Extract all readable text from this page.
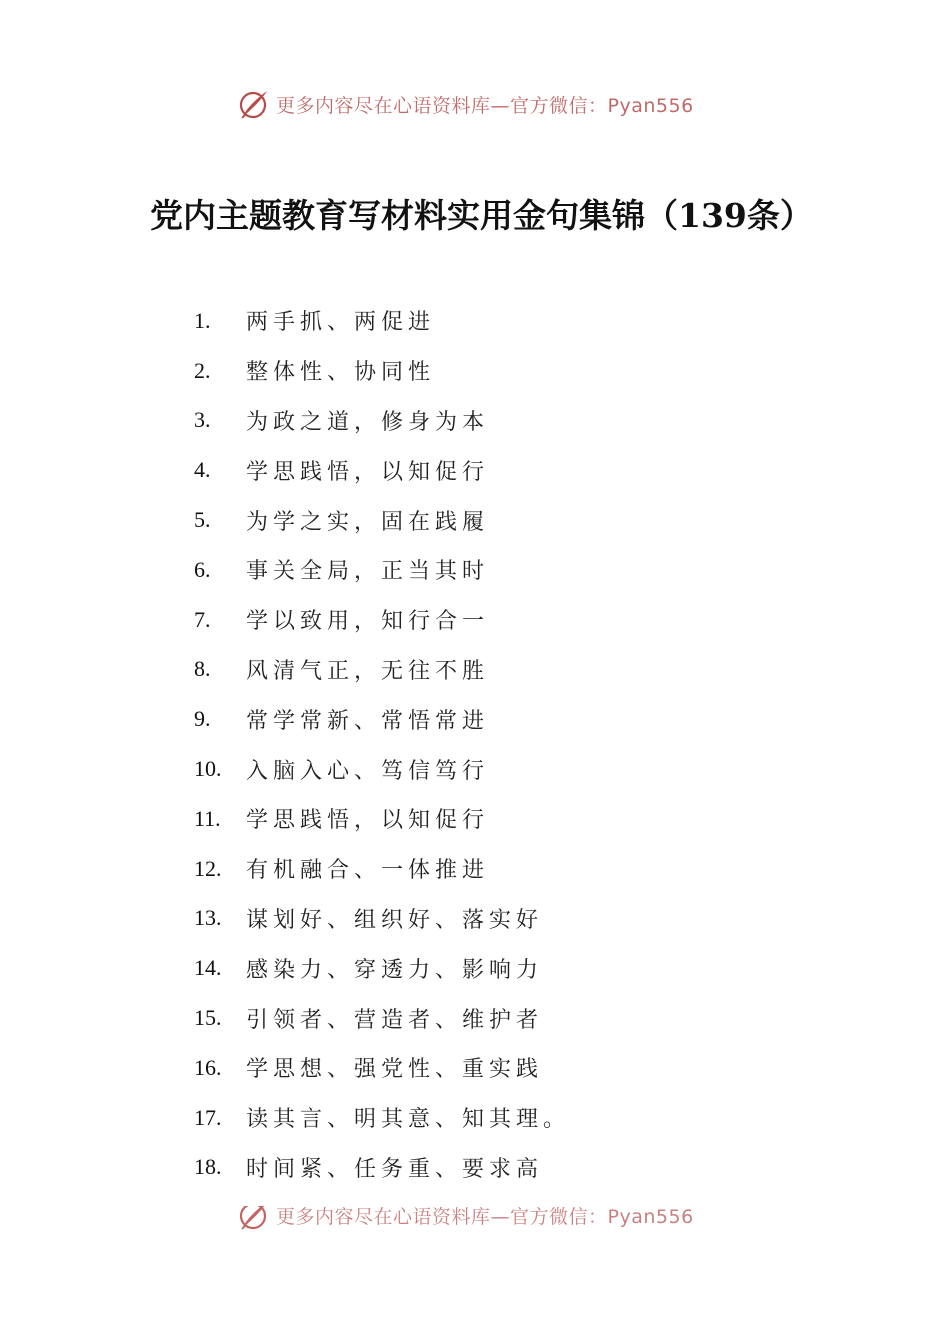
更多内容尽在心语资料库—官方微信：Pyan556
党内主题教育写材料实用金句集锦（139条）
1.	两手抓、两促进
2.	整体性、协同性
3.	为政之道，修身为本
4.	学思践悟，以知促行
5.	为学之实，固在践履
6.	事关全局，正当其时
7.	学以致用，知行合一
8.	风清气正，无往不胜
9.	常学常新、常悟常进
10.	入脑入心、笃信笃行
11.	学思践悟，以知促行
12.	有机融合、一体推进
13.	谋划好、组织好、落实好
14.	感染力、穿透力、影响力
15.	引领者、营造者、维护者
16.	学思想、强党性、重实践
17.	读其言、明其意、知其理。
18.	时间紧、任务重、要求高
更多内容尽在心语资料库—官方微信：Pyan556
